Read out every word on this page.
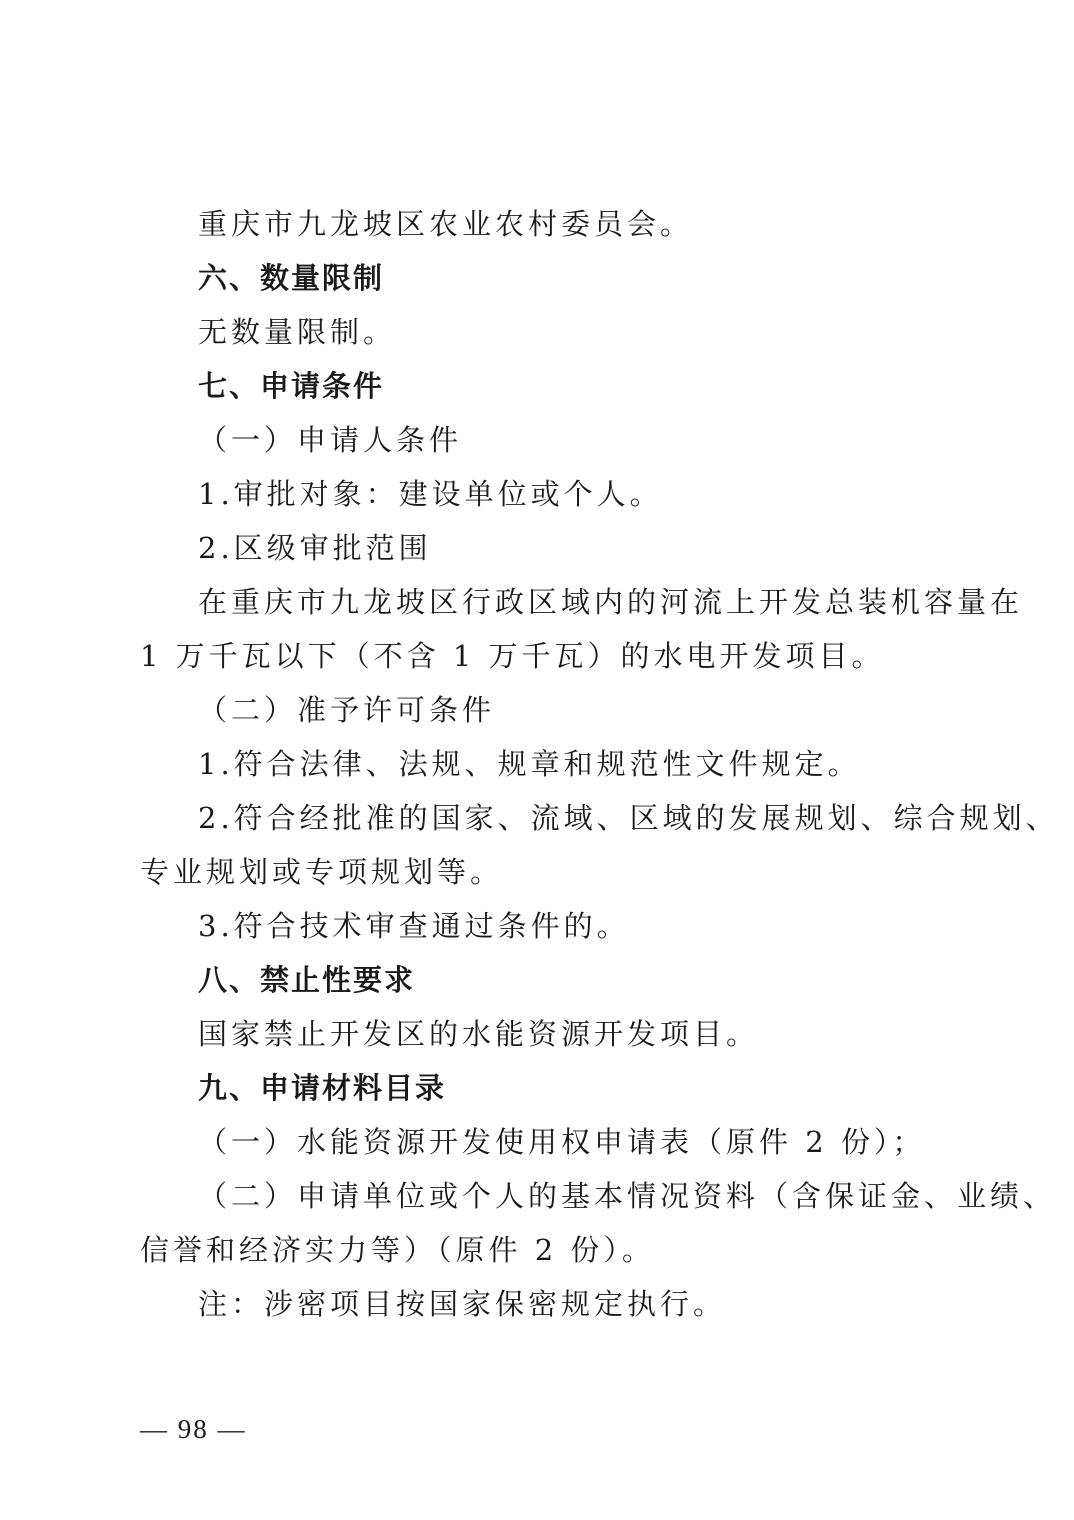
重庆市九龙坡区农业农村委员会。
六、数量限制
无数量限制。
七、申请条件
（一）申请人条件
1.审批对象：建设单位或个人。
2.区级审批范围
在重庆市九龙坡区行政区域内的河流上开发总装机容量在
1 万千瓦以下（不含 1 万千瓦）的水电开发项目。
（二）准予许可条件
1.符合法律、法规、规章和规范性文件规定。
2.符合经批准的国家、流域、区域的发展规划、综合规划、
专业规划或专项规划等。
3.符合技术审查通过条件的。
八、禁止性要求
国家禁止开发区的水能资源开发项目。
九、申请材料目录
（一）水能资源开发使用权申请表（原件 2 份）；
（二）申请单位或个人的基本情况资料（含保证金、业绩、
信誉和经济实力等）（原件 2 份）。
注：涉密项目按国家保密规定执行。
— 98 —
